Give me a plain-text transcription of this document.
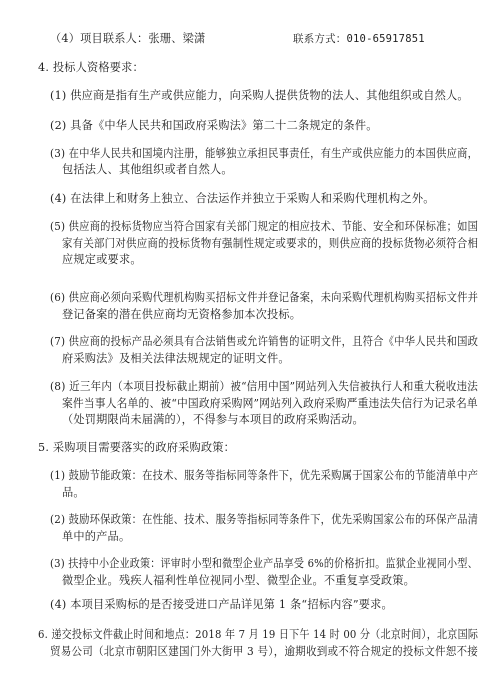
（4）项目联系人：张珊、梁潇	联系方式：010-65917851
4. 投标人资格要求：
(1) 供应商是指有生产或供应能力，向采购人提供货物的法人、其他组织或自然人。
(2) 具备《中华人民共和国政府采购法》第二十二条规定的条件。
(3) 在中华人民共和国境内注册，能够独立承担民事责任，有生产或供应能力的本国供应商，
包括法人、其他组织或者自然人。
(4) 在法律上和财务上独立、合法运作并独立于采购人和采购代理机构之外。
(5) 供应商的投标货物应当符合国家有关部门规定的相应技术、节能、安全和环保标准；如国
家有关部门对供应商的投标货物有强制性规定或要求的，则供应商的投标货物必须符合相
应规定或要求。
(6) 供应商必须向采购代理机构购买招标文件并登记备案，未向采购代理机构购买招标文件并
登记备案的潜在供应商均无资格参加本次投标。
(7) 供应商的投标产品必须具有合法销售或允许销售的证明文件，且符合《中华人民共和国政
府采购法》及相关法律法规规定的证明文件。
(8) 近三年内（本项目投标截止期前）被“信用中国”网站列入失信被执行人和重大税收违法
案件当事人名单的、被“中国政府采购网”网站列入政府采购严重违法失信行为记录名单
（处罚期限尚未届满的），不得参与本项目的政府采购活动。
5. 采购项目需要落实的政府采购政策：
(1) 鼓励节能政策：在技术、服务等指标同等条件下，优先采购属于国家公布的节能清单中产
品。
(2) 鼓励环保政策：在性能、技术、服务等指标同等条件下，优先采购国家公布的环保产品清
单中的产品。
(3) 扶持中小企业政策：评审时小型和微型企业产品享受 6%的价格折扣。监狱企业视同小型、
微型企业。残疾人福利性单位视同小型、微型企业。不重复享受政策。
(4) 本项目采购标的是否接受进口产品详见第 1 条“招标内容”要求。
6. 递交投标文件截止时间和地点：2018 年 7 月 19 日下午 14 时 00 分（北京时间），北京国际
贸易公司（北京市朝阳区建国门外大街甲 3 号），逾期收到或不符合规定的投标文件恕不接
